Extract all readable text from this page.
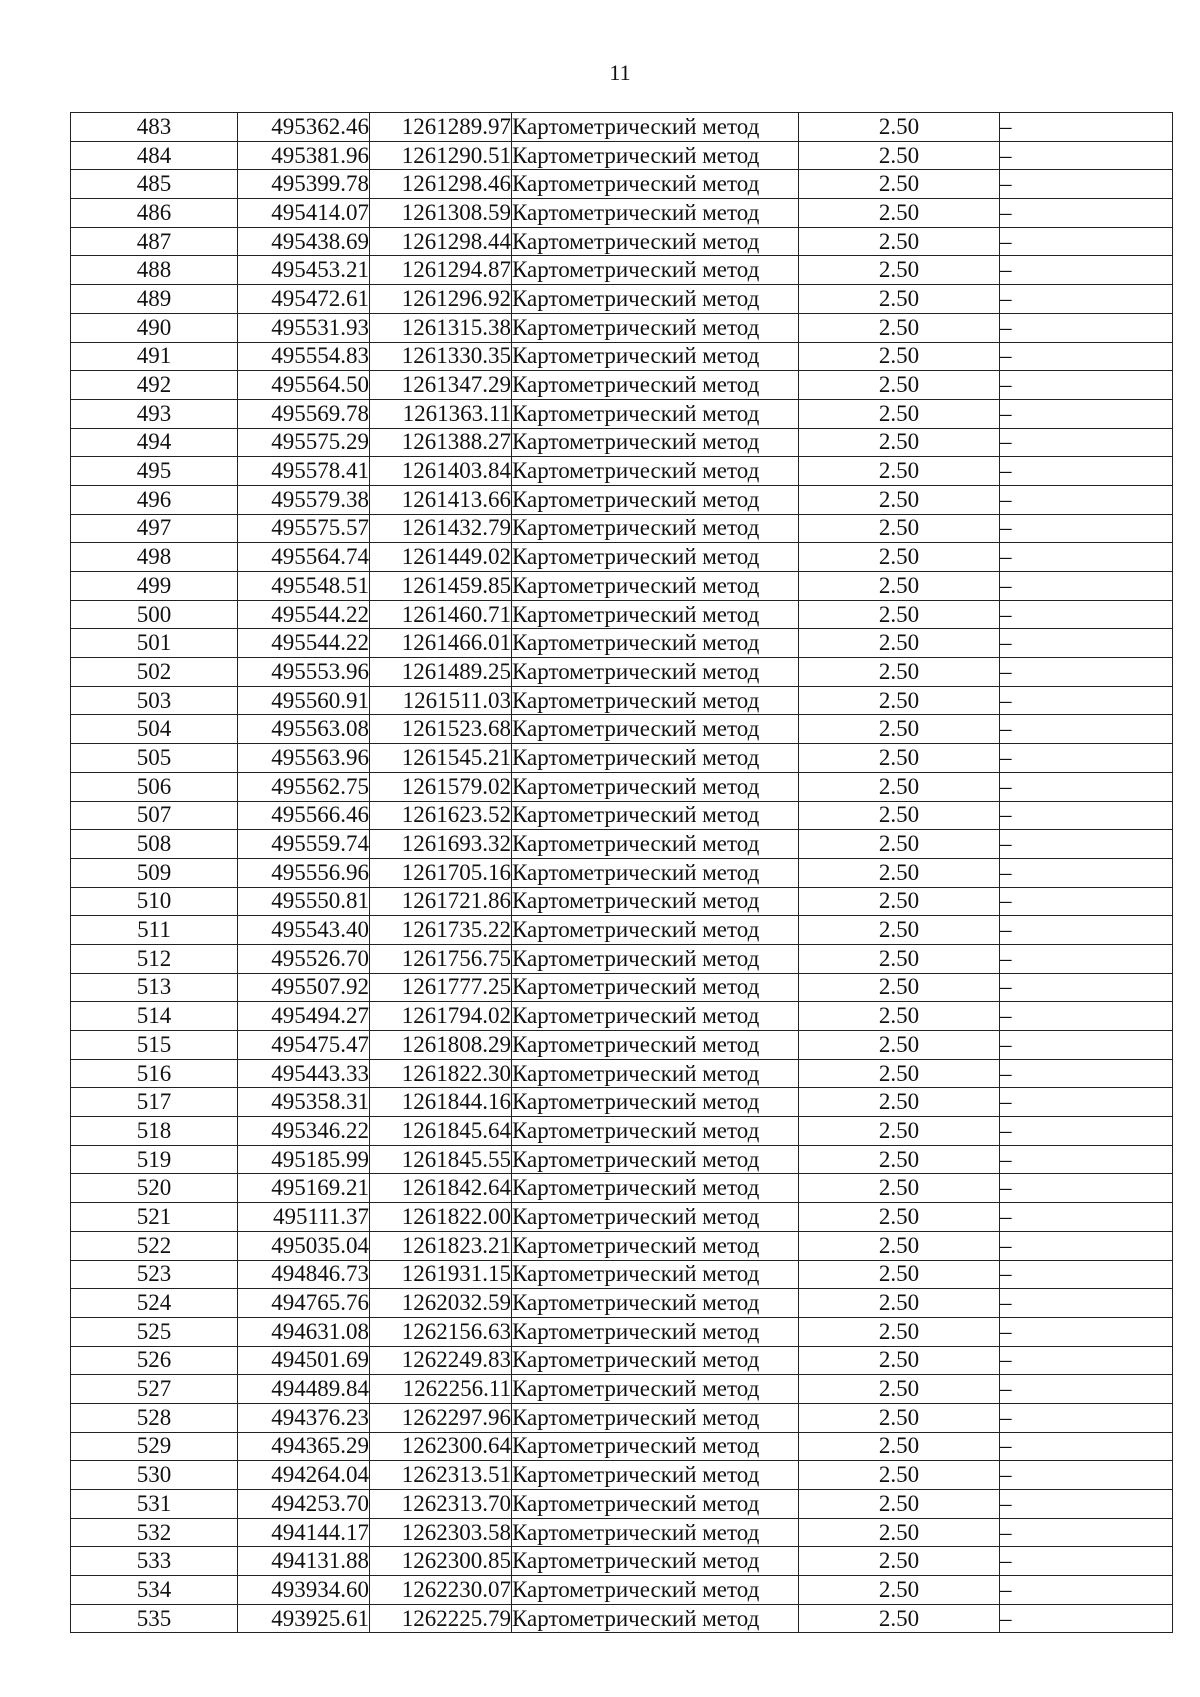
11
483	495362.46	1261289.97	Картометрический метод	2.50	–
484	495381.96	1261290.51	Картометрический метод	2.50	–
485	495399.78	1261298.46	Картометрический метод	2.50	–
486	495414.07	1261308.59	Картометрический метод	2.50	–
487	495438.69	1261298.44	Картометрический метод	2.50	–
488	495453.21	1261294.87	Картометрический метод	2.50	–
489	495472.61	1261296.92	Картометрический метод	2.50	–
490	495531.93	1261315.38	Картометрический метод	2.50	–
491	495554.83	1261330.35	Картометрический метод	2.50	–
492	495564.50	1261347.29	Картометрический метод	2.50	–
493	495569.78	1261363.11	Картометрический метод	2.50	–
494	495575.29	1261388.27	Картометрический метод	2.50	–
495	495578.41	1261403.84	Картометрический метод	2.50	–
496	495579.38	1261413.66	Картометрический метод	2.50	–
497	495575.57	1261432.79	Картометрический метод	2.50	–
498	495564.74	1261449.02	Картометрический метод	2.50	–
499	495548.51	1261459.85	Картометрический метод	2.50	–
500	495544.22	1261460.71	Картометрический метод	2.50	–
501	495544.22	1261466.01	Картометрический метод	2.50	–
502	495553.96	1261489.25	Картометрический метод	2.50	–
503	495560.91	1261511.03	Картометрический метод	2.50	–
504	495563.08	1261523.68	Картометрический метод	2.50	–
505	495563.96	1261545.21	Картометрический метод	2.50	–
506	495562.75	1261579.02	Картометрический метод	2.50	–
507	495566.46	1261623.52	Картометрический метод	2.50	–
508	495559.74	1261693.32	Картометрический метод	2.50	–
509	495556.96	1261705.16	Картометрический метод	2.50	–
510	495550.81	1261721.86	Картометрический метод	2.50	–
511	495543.40	1261735.22	Картометрический метод	2.50	–
512	495526.70	1261756.75	Картометрический метод	2.50	–
513	495507.92	1261777.25	Картометрический метод	2.50	–
514	495494.27	1261794.02	Картометрический метод	2.50	–
515	495475.47	1261808.29	Картометрический метод	2.50	–
516	495443.33	1261822.30	Картометрический метод	2.50	–
517	495358.31	1261844.16	Картометрический метод	2.50	–
518	495346.22	1261845.64	Картометрический метод	2.50	–
519	495185.99	1261845.55	Картометрический метод	2.50	–
520	495169.21	1261842.64	Картометрический метод	2.50	–
521	495111.37	1261822.00	Картометрический метод	2.50	–
522	495035.04	1261823.21	Картометрический метод	2.50	–
523	494846.73	1261931.15	Картометрический метод	2.50	–
524	494765.76	1262032.59	Картометрический метод	2.50	–
525	494631.08	1262156.63	Картометрический метод	2.50	–
526	494501.69	1262249.83	Картометрический метод	2.50	–
527	494489.84	1262256.11	Картометрический метод	2.50	–
528	494376.23	1262297.96	Картометрический метод	2.50	–
529	494365.29	1262300.64	Картометрический метод	2.50	–
530	494264.04	1262313.51	Картометрический метод	2.50	–
531	494253.70	1262313.70	Картометрический метод	2.50	–
532	494144.17	1262303.58	Картометрический метод	2.50	–
533	494131.88	1262300.85	Картометрический метод	2.50	–
534	493934.60	1262230.07	Картометрический метод	2.50	–
535	493925.61	1262225.79	Картометрический метод	2.50	–
